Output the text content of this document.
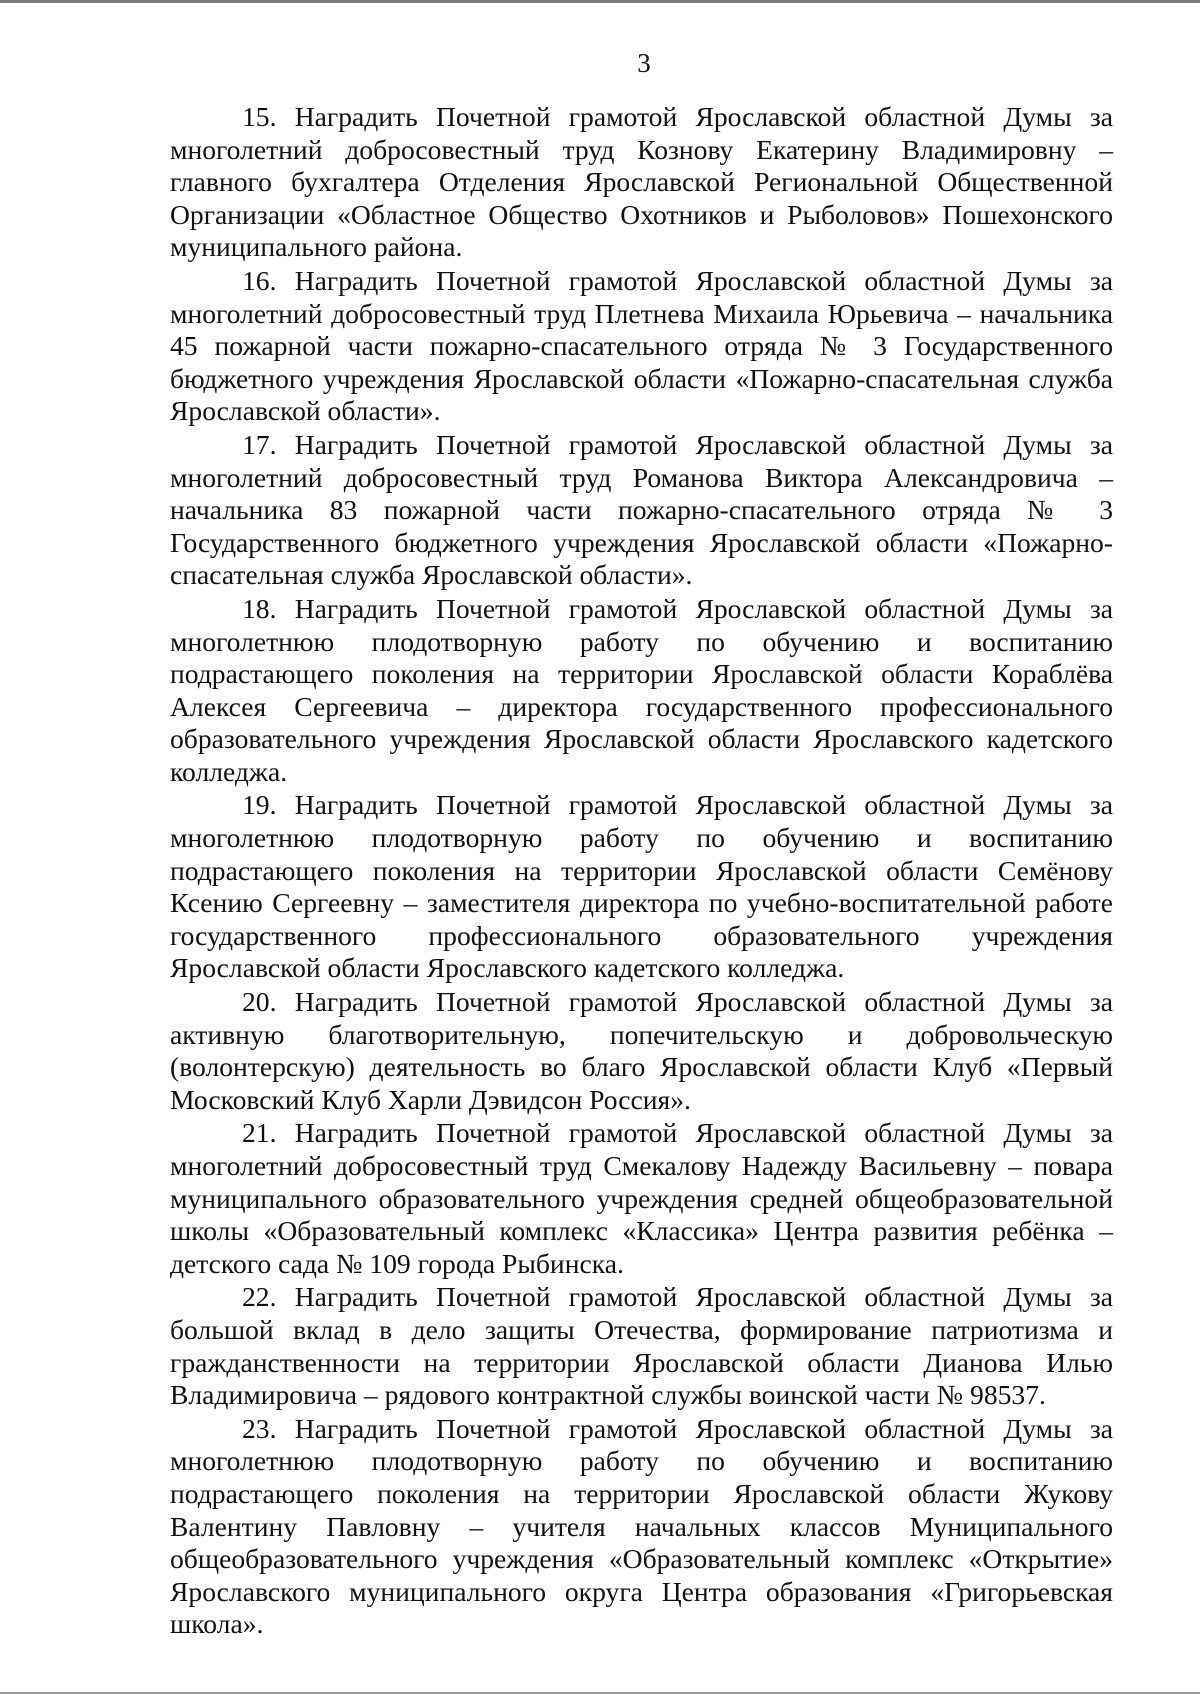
3

15. Наградить Почетной грамотой Ярославской областной Думы за многолетний добросовестный труд Кознову Екатерину Владимировну – главного бухгалтера Отделения Ярославской Региональной Общественной Организации «Областное Общество Охотников и Рыболовов» Пошехонского муниципального района.

16. Наградить Почетной грамотой Ярославской областной Думы за многолетний добросовестный труд Плетнева Михаила Юрьевича – начальника 45 пожарной части пожарно-спасательного отряда № 3 Государственного бюджетного учреждения Ярославской области «Пожарно-спасательная служба Ярославской области».

17. Наградить Почетной грамотой Ярославской областной Думы за многолетний добросовестный труд Романова Виктора Александровича – начальника 83 пожарной части пожарно-спасательного отряда № 3 Государственного бюджетного учреждения Ярославской области «Пожарно-спасательная служба Ярославской области».

18. Наградить Почетной грамотой Ярославской областной Думы за многолетнюю плодотворную работу по обучению и воспитанию подрастающего поколения на территории Ярославской области Кораблёва Алексея Сергеевича – директора государственного профессионального образовательного учреждения Ярославской области Ярославского кадетского колледжа.

19. Наградить Почетной грамотой Ярославской областной Думы за многолетнюю плодотворную работу по обучению и воспитанию подрастающего поколения на территории Ярославской области Семёнову Ксению Сергеевну – заместителя директора по учебно-воспитательной работе государственного профессионального образовательного учреждения Ярославской области Ярославского кадетского колледжа.

20. Наградить Почетной грамотой Ярославской областной Думы за активную благотворительную, попечительскую и добровольческую (волонтерскую) деятельность во благо Ярославской области Клуб «Первый Московский Клуб Харли Дэвидсон Россия».

21. Наградить Почетной грамотой Ярославской областной Думы за многолетний добросовестный труд Смекалову Надежду Васильевну – повара муниципального образовательного учреждения средней общеобразовательной школы «Образовательный комплекс «Классика» Центра развития ребёнка – детского сада № 109 города Рыбинска.

22. Наградить Почетной грамотой Ярославской областной Думы за большой вклад в дело защиты Отечества, формирование патриотизма и гражданственности на территории Ярославской области Дианова Илью Владимировича – рядового контрактной службы воинской части № 98537.

23. Наградить Почетной грамотой Ярославской областной Думы за многолетнюю плодотворную работу по обучению и воспитанию подрастающего поколения на территории Ярославской области Жукову Валентину Павловну – учителя начальных классов Муниципального общеобразовательного учреждения «Образовательный комплекс «Открытие» Ярославского муниципального округа Центра образования «Григорьевская школа».
